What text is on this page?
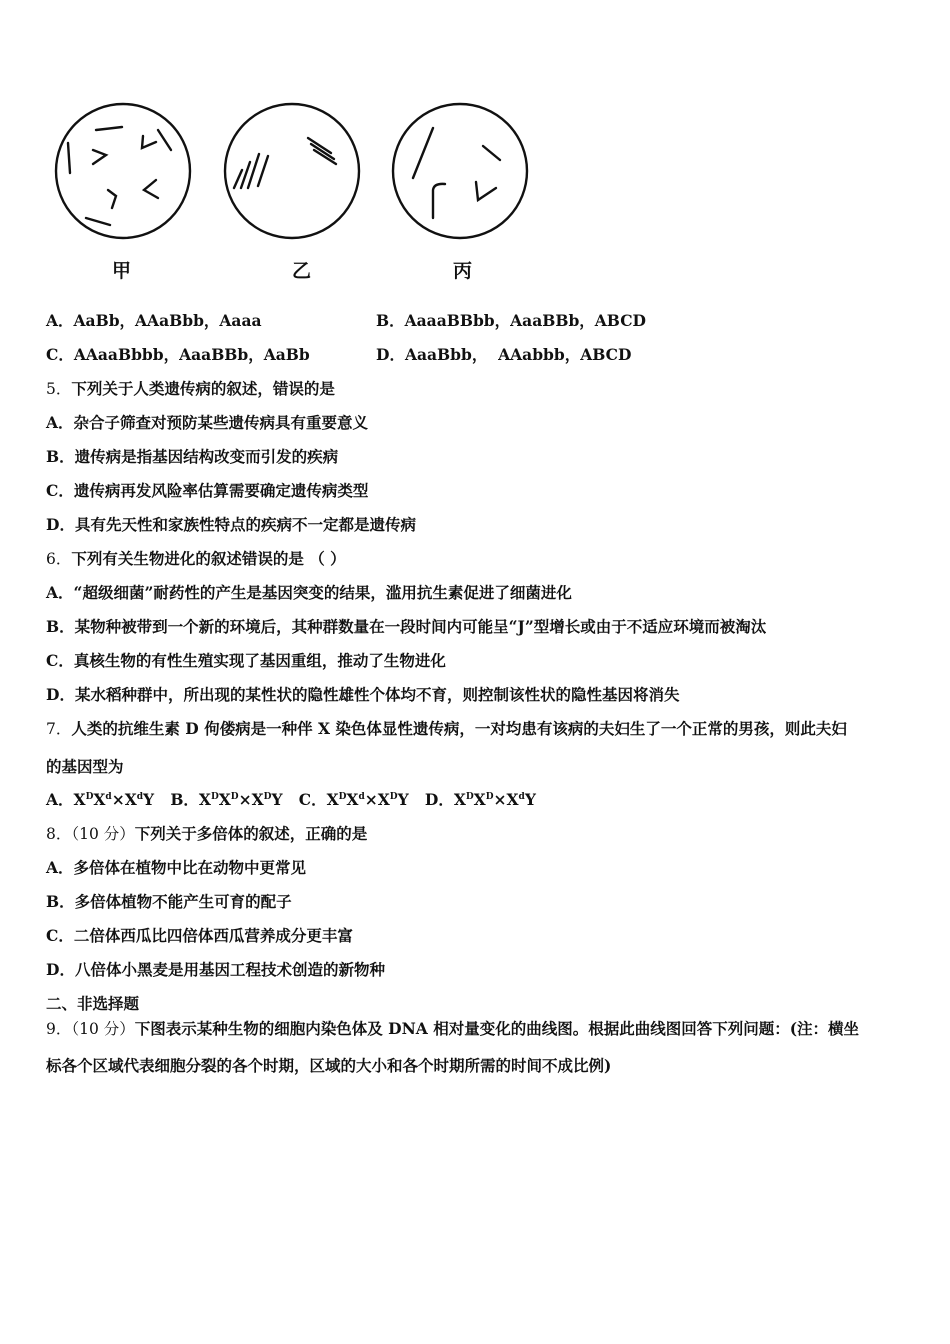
甲	乙	丙
A．AaBb，AAaBbb，Aaaa	B．AaaaBBbb，AaaBBb，ABCD
C．AAaaBbbb，AaaBBb，AaBb	D．AaaBbb，  AAabbb，ABCD
5．下列关于人类遗传病的叙述，错误的是
A．杂合子筛查对预防某些遗传病具有重要意义
B．遗传病是指基因结构改变而引发的疾病
C．遗传病再发风险率估算需要确定遗传病类型
D．具有先天性和家族性特点的疾病不一定都是遗传病
6．下列有关生物进化的叙述错误的是 （ ）
A．“超级细菌”耐药性的产生是基因突变的结果，滥用抗生素促进了细菌进化
B．某物种被带到一个新的环境后，其种群数量在一段时间内可能呈“J”型增长或由于不适应环境而被淘汰
C．真核生物的有性生殖实现了基因重组，推动了生物进化
D．某水稻种群中，所出现的某性状的隐性雄性个体均不育，则控制该性状的隐性基因将消失
7．人类的抗维生素 D 佝偻病是一种伴 X 染色体显性遗传病，一对均患有该病的夫妇生了一个正常的男孩，则此夫妇
的基因型为
A．$X^DX^d\times X^dY$ B．$X^DX^D\times X^DY$ C．$X^DX^d\times X^DY$ D．$X^DX^D\times X^dY$
8．（10 分）下列关于多倍体的叙述，正确的是
A．多倍体在植物中比在动物中更常见
B．多倍体植物不能产生可育的配子
C．二倍体西瓜比四倍体西瓜营养成分更丰富
D．八倍体小黑麦是用基因工程技术创造的新物种
二、非选择题
9．（10 分）下图表示某种生物的细胞内染色体及 DNA 相对量变化的曲线图。根据此曲线图回答下列问题：(注：横坐
标各个区域代表细胞分裂的各个时期，区域的大小和各个时期所需的时间不成比例)
